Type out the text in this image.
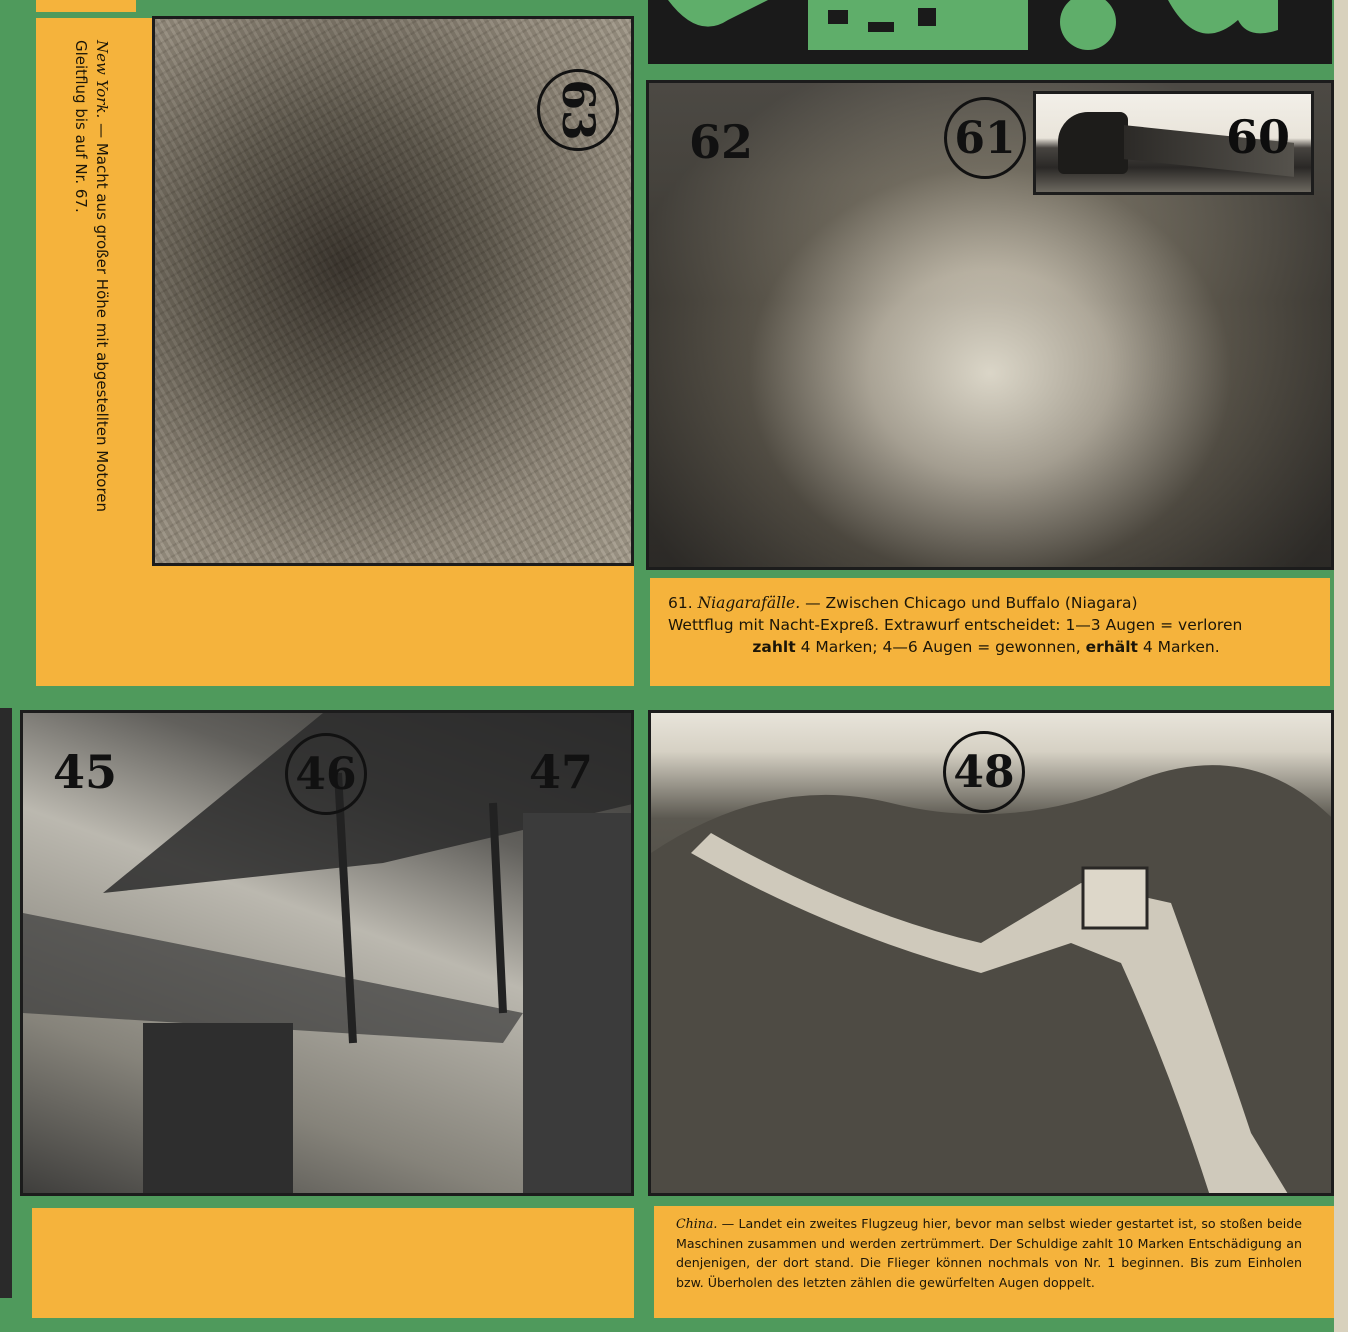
New York. — Macht aus großer Höhe mit abgestellten Motoren Gleitflug bis auf Nr. 67.	63
62	61	60
61. Niagarafälle. — Zwischen Chicago und Buffalo (Niagara)
Wettflug mit Nacht-Expreß. Extrawurf entscheidet: 1—3 Augen = verloren
zahlt 4 Marken; 4—6 Augen = gewonnen, erhält 4 Marken.
45	46	47	48
China. — Landet ein zweites Flugzeug hier, bevor man selbst wieder gestartet ist, so stoßen beide Maschinen zusammen und werden zertrümmert. Der Schuldige zahlt 10 Marken Entschädigung an denjenigen, der dort stand. Die Flieger können nochmals von Nr. 1 beginnen. Bis zum Einholen bzw. Überholen des letzten zählen die gewürfelten Augen doppelt.
